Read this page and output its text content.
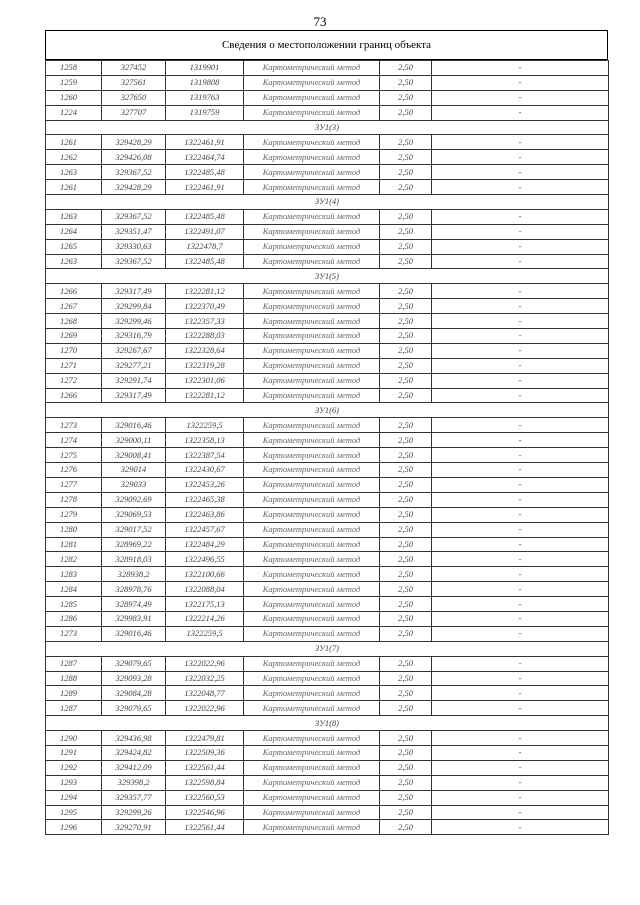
73
Сведения о местоположении границ объекта
1258	327452	1319901	Картометрический метод	2,50	-
1259	327561	1319808	Картометрический метод	2,50	-
1260	327650	1319763	Картометрический метод	2,50	-
1224	327707	1319759	Картометрический метод	2,50	-
ЗУ1(3)					
1261	329428,29	1322461,91	Картометрический метод	2,50	-
1262	329426,08	1322464,74	Картометрический метод	2,50	-
1263	329367,52	1322485,48	Картометрический метод	2,50	-
1261	329428,29	1322461,91	Картометрический метод	2,50	-
ЗУ1(4)					
1263	329367,52	1322485,48	Картометрический метод	2,50	-
1264	329351,47	1322491,07	Картометрический метод	2,50	-
1265	329330,63	1322478,7	Картометрический метод	2,50	-
1263	329367,52	1322485,48	Картометрический метод	2,50	-
ЗУ1(5)					
1266	329317,49	1322281,12	Картометрический метод	2,50	-
1267	329299,84	1322370,49	Картометрический метод	2,50	-
1268	329299,46	1322357,33	Картометрический метод	2,50	-
1269	329316,79	1322288,03	Картометрический метод	2,50	-
1270	329267,67	1322328,64	Картометрический метод	2,50	-
1271	329277,21	1322319,28	Картометрический метод	2,50	-
1272	329291,74	1322301,06	Картометрический метод	2,50	-
1266	329317,49	1322281,12	Картометрический метод	2,50	-
ЗУ1(6)					
1273	329016,46	1322259,5	Картометрический метод	2,50	-
1274	329000,11	1322358,13	Картометрический метод	2,50	-
1275	329008,41	1322387,54	Картометрический метод	2,50	-
1276	329014	1322430,67	Картометрический метод	2,50	-
1277	329033	1322453,26	Картометрический метод	2,50	-
1278	329092,69	1322465,38	Картометрический метод	2,50	-
1279	329069,53	1322463,86	Картометрический метод	2,50	-
1280	329017,52	1322457,67	Картометрический метод	2,50	-
1281	328969,22	1322484,29	Картометрический метод	2,50	-
1282	328918,03	1322496,55	Картометрический метод	2,50	-
1283	328938,2	1322100,66	Картометрический метод	2,50	-
1284	328978,76	1322088,04	Картометрический метод	2,50	-
1285	328974,49	1322175,13	Картометрический метод	2,50	-
1286	329983,91	1322214,26	Картометрический метод	2,50	-
1273	329016,46	1322259,5	Картометрический метод	2,50	-
ЗУ1(7)					
1287	329079,65	1322022,96	Картометрический метод	2,50	-
1288	329093,28	1322032,25	Картометрический метод	2,50	-
1289	329084,28	1322048,77	Картометрический метод	2,50	-
1287	329079,65	1322022,96	Картометрический метод	2,50	-
ЗУ1(8)					
1290	329436,98	1322479,81	Картометрический метод	2,50	-
1291	329424,82	1322509,36	Картометрический метод	2,50	-
1292	329412,09	1322561,44	Картометрический метод	2,50	-
1293	329398,2	1322598,84	Картометрический метод	2,50	-
1294	329357,77	1322560,53	Картометрический метод	2,50	-
1295	329299,26	1322546,96	Картометрический метод	2,50	-
1296	329270,91	1322561,44	Картометрический метод	2,50	-
